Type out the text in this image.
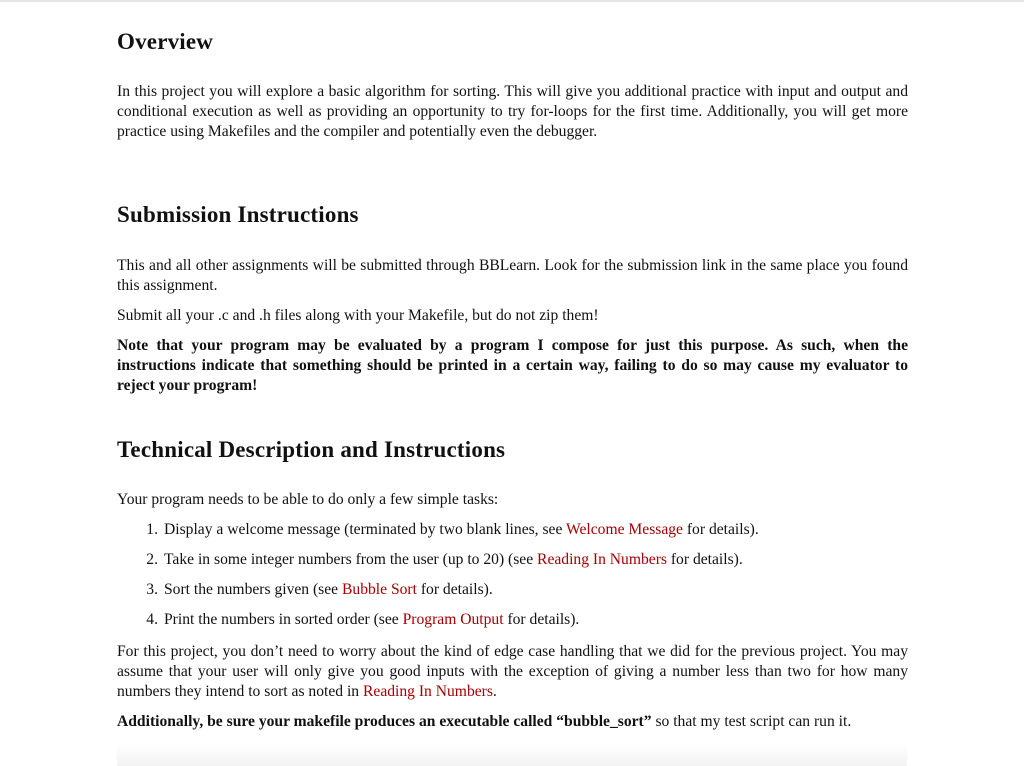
Overview

In this project you will explore a basic algorithm for sorting. This will give you additional practice with input and output and conditional execution as well as providing an opportunity to try for-loops for the first time. Additionally, you will get more practice using Makefiles and the compiler and potentially even the debugger.

Submission Instructions

This and all other assignments will be submitted through BBLearn. Look for the submission link in the same place you found this assignment.

Submit all your .c and .h files along with your Makefile, but do not zip them!

Note that your program may be evaluated by a program I compose for just this purpose. As such, when the instructions indicate that something should be printed in a certain way, failing to do so may cause my evaluator to reject your program!

Technical Description and Instructions

Your program needs to be able to do only a few simple tasks:

1. Display a welcome message (terminated by two blank lines, see Welcome Message for details).
2. Take in some integer numbers from the user (up to 20) (see Reading In Numbers for details).
3. Sort the numbers given (see Bubble Sort for details).
4. Print the numbers in sorted order (see Program Output for details).

For this project, you don’t need to worry about the kind of edge case handling that we did for the previous project. You may assume that your user will only give you good inputs with the exception of giving a number less than two for how many numbers they intend to sort as noted in Reading In Numbers.

Additionally, be sure your makefile produces an executable called “bubble_sort” so that my test script can run it.
